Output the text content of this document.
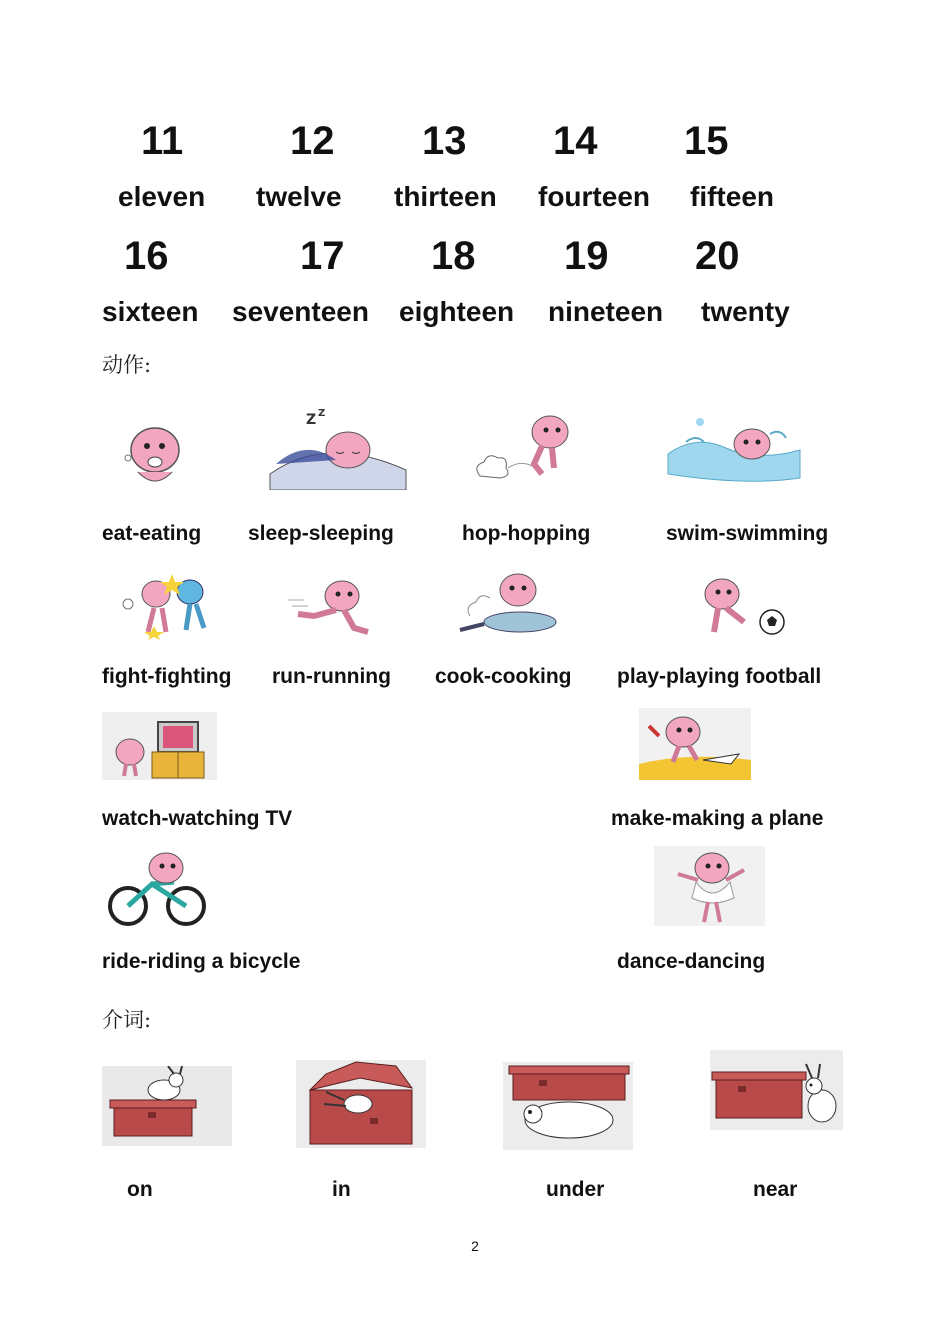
11	12 13 14 15
eleven twelve thirteen fourteen fifteen
16	17 18 19 20
sixteen seventeen eighteen nineteen twenty
动作:
Z Z
eat-eating sleep-sleeping	hop-hopping	swim-swimming
fight-fighting run-running cook-cooking play-playing football
watch-watching TV	make-making a plane
ride-riding a bicycle	dance-dancing
介词:
on	in	under	near
2
